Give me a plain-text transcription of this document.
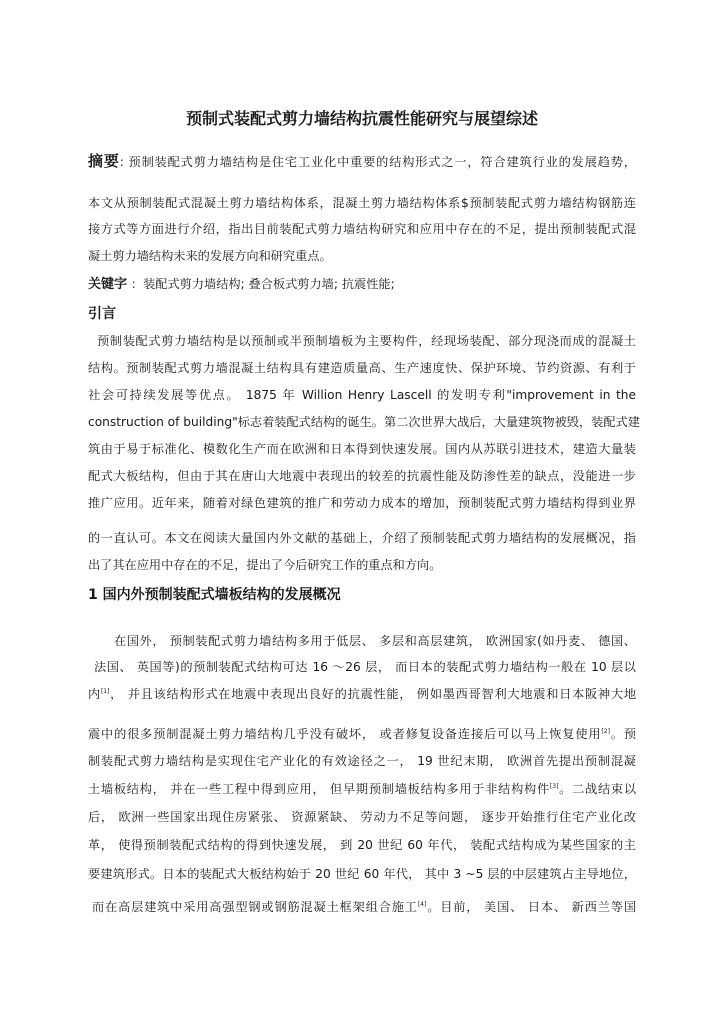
预制式装配式剪力墙结构抗震性能研究与展望综述
摘要: 预制装配式剪力墙结构是住宅工业化中重要的结构形式之一，符合建筑行业的发展趋势，
本文从预制装配式混凝土剪力墙结构体系，混凝土剪力墙结构体系$预制装配式剪力墙结构钢筋连
接方式等方面进行介绍，指出目前装配式剪力墙结构研究和应用中存在的不足，提出预制装配式混
凝土剪力墙结构未来的发展方向和研究重点。
关键字 ：装配式剪力墙结构; 叠合板式剪力墙; 抗震性能;
引言
预制装配式剪力墙结构是以预制或半预制墙板为主要构件，经现场装配、部分现浇而成的混凝土
结构。预制装配式剪力墙混凝土结构具有建造质量高、生产速度快、保护环境、节约资源、有利于
社会可持续发展等优点。 1875 年 Willion Henry Lascell 的发明专利"improvement in the
construction of building"标志着装配式结构的诞生。第二次世界大战后，大量建筑物被毁，装配式建
筑由于易于标准化、模数化生产而在欧洲和日本得到快速发展。国内从苏联引进技术，建造大量装
配式大板结构，但由于其在唐山大地震中表现出的较差的抗震性能及防渗性差的缺点，没能进一步
推广应用。近年来，随着对绿色建筑的推广和劳动力成本的增加，预制装配式剪力墙结构得到业界
的一直认可。本文在阅读大量国内外文献的基础上，介绍了预制装配式剪力墙结构的发展概况，指
出了其在应用中存在的不足，提出了今后研究工作的重点和方向。
1 国内外预制装配式墙板结构的发展概况
在国外， 预制装配式剪力墙结构多用于低层、 多层和高层建筑， 欧洲国家(如丹麦、 德国、
法国、 英国等)的预制装配式结构可达 16 ～26 层， 而日本的装配式剪力墙结构一般在 10 层以
内[1]， 并且该结构形式在地震中表现出良好的抗震性能， 例如墨西哥智利大地震和日本阪神大地
震中的很多预制混凝土剪力墙结构几乎没有破坏， 或者修复设备连接后可以马上恢复使用[2]。预
制装配式剪力墙结构是实现住宅产业化的有效途径之一， 19 世纪末期， 欧洲首先提出预制混凝
土墙板结构， 并在一些工程中得到应用， 但早期预制墙板结构多用于非结构构件[3]。二战结束以
后， 欧洲一些国家出现住房紧张、 资源紧缺、 劳动力不足等问题， 逐步开始推行住宅产业化改
革， 使得预制装配式结构的得到快速发展， 到 20 世纪 60 年代， 装配式结构成为某些国家的主
要建筑形式。日本的装配式大板结构始于 20 世纪 60 年代， 其中 3 ~5 层的中层建筑占主导地位，
而在高层建筑中采用高强型钢或钢筋混凝土框架组合施工[4]。目前， 美国、 日本、 新西兰等国
